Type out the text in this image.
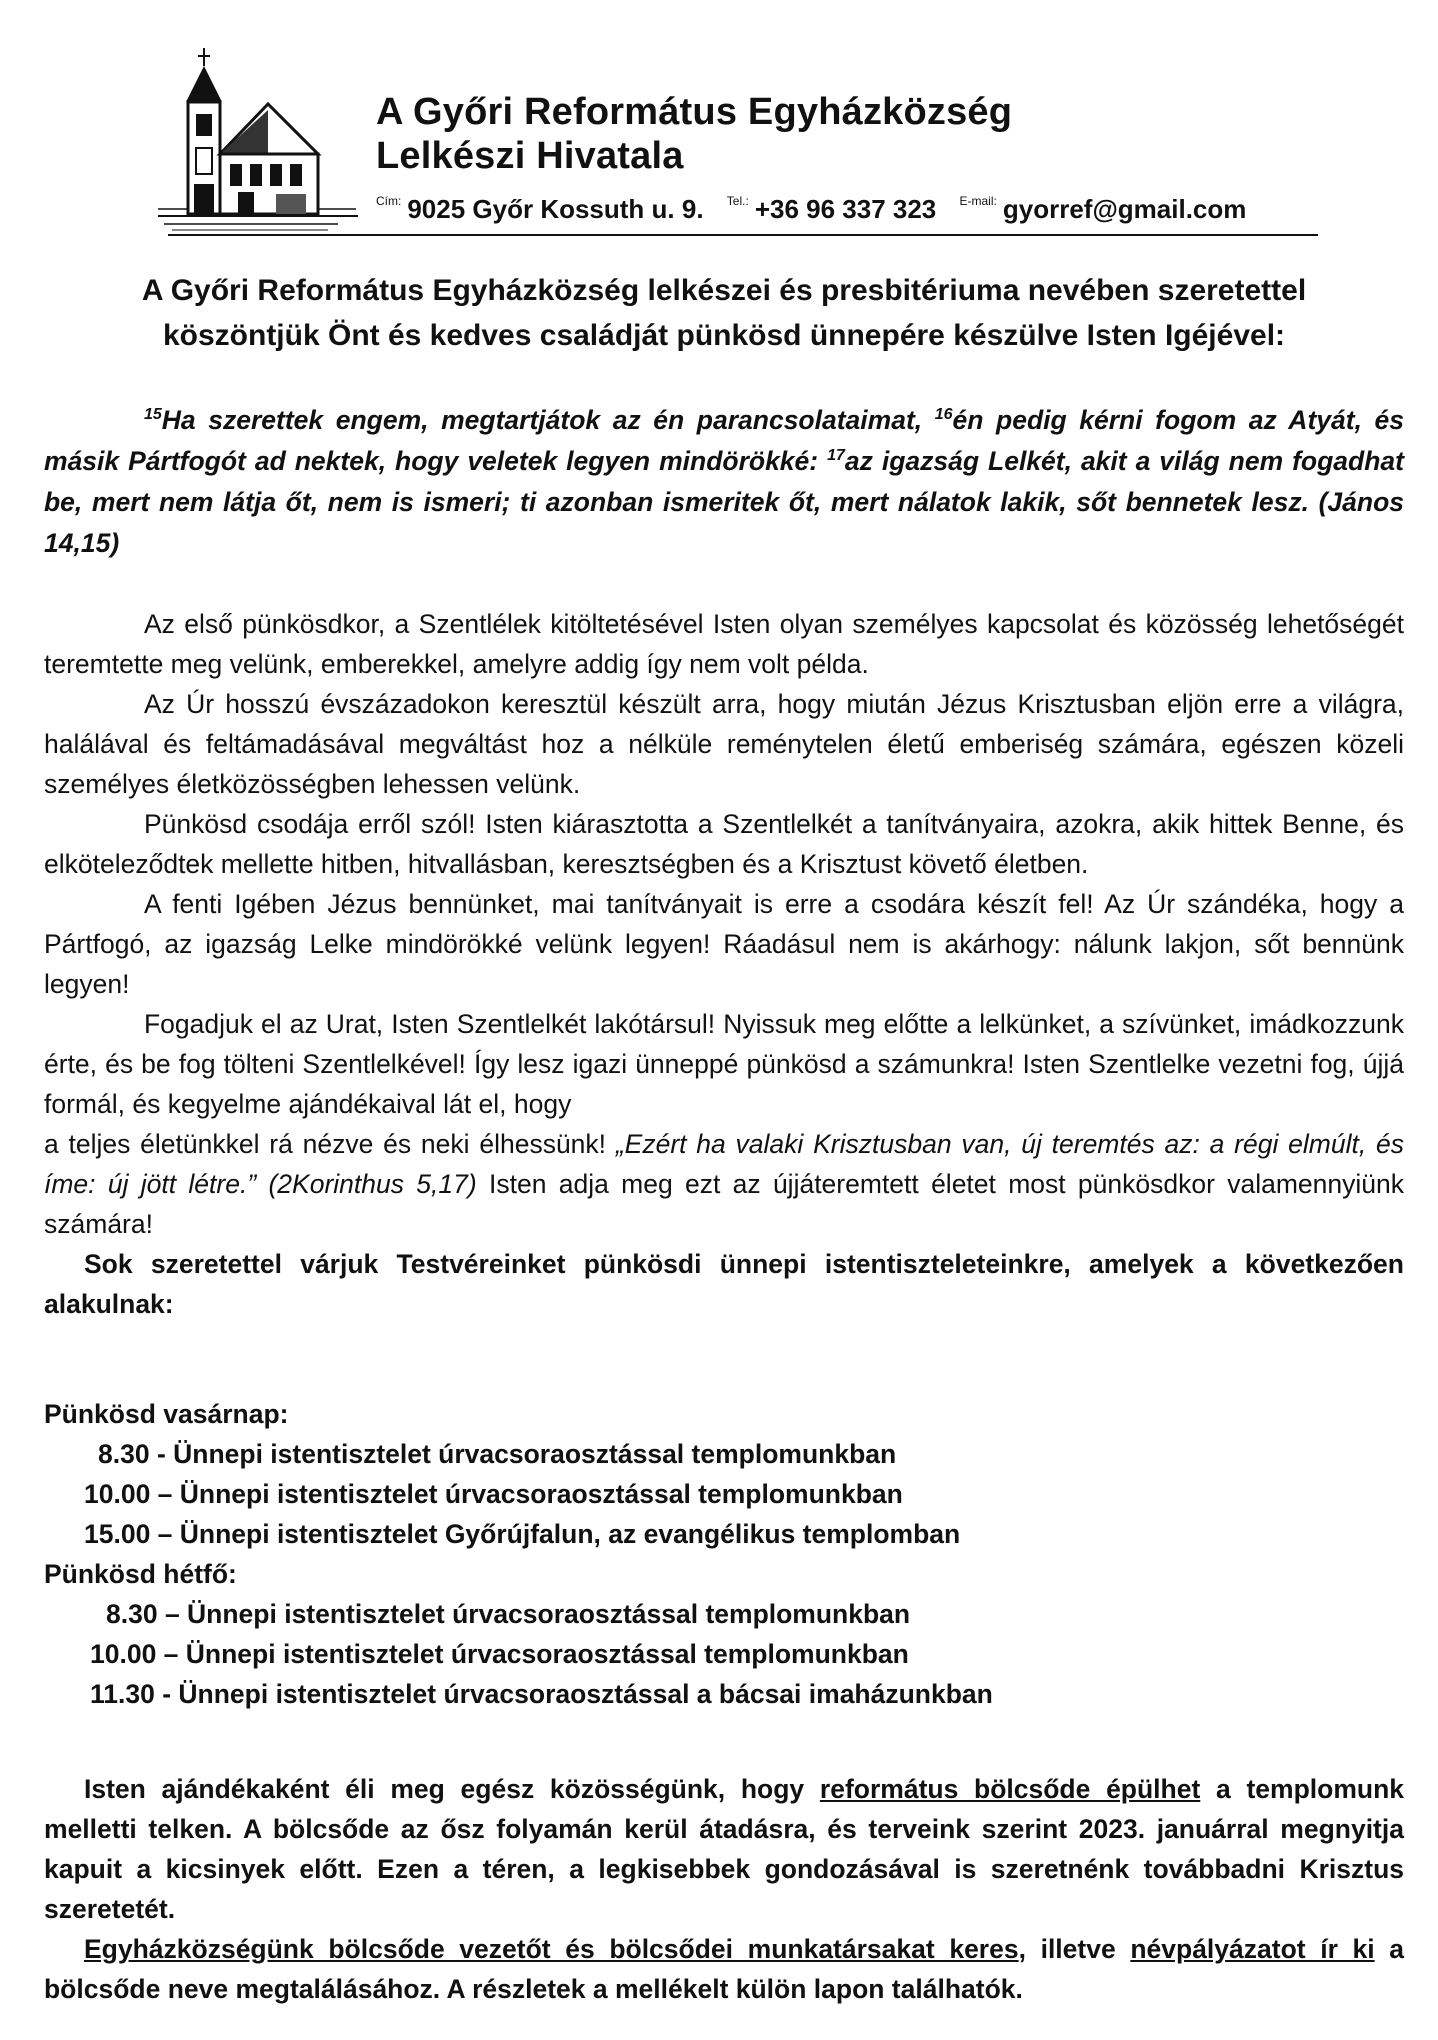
A Győri Református Egyházközség
Lelkészi Hivatala
$^{Cím:}$ 9025 Győr Kossuth u. 9. $^{Tel.:}$ +36 96 337 323 $^{E-mail:}$ gyorref@gmail.com
A Győri Református Egyházközség lelkészei és presbitériuma nevében szeretettel köszöntjük Önt és kedves családját pünkösd ünnepére készülve Isten Igéjével:

$^{15}$Ha szerettek engem, megtartjátok az én parancsolataimat, $^{16}$én pedig kérni fogom az Atyát, és másik Pártfogót ad nektek, hogy veletek legyen mindörökké: $^{17}$az igazság Lelkét, akit a világ nem fogadhat be, mert nem látja őt, nem is ismeri; ti azonban ismeritek őt, mert nálatok lakik, sőt bennetek lesz. (János 14,15)

Az első pünkösdkor, a Szentlélek kitöltetésével Isten olyan személyes kapcsolat és közösség lehetőségét teremtette meg velünk, emberekkel, amelyre addig így nem volt példa.

Az Úr hosszú évszázadokon keresztül készült arra, hogy miután Jézus Krisztusban eljön erre a világra, halálával és feltámadásával megváltást hoz a nélküle reménytelen életű emberiség számára, egészen közeli személyes életközösségben lehessen velünk.

Pünkösd csodája erről szól! Isten kiárasztotta a Szentlelkét a tanítványaira, azokra, akik hittek Benne, és elköteleződtek mellette hitben, hitvallásban, keresztségben és a Krisztust követő életben.

A fenti Igében Jézus bennünket, mai tanítványait is erre a csodára készít fel! Az Úr szándéka, hogy a Pártfogó, az igazság Lelke mindörökké velünk legyen! Ráadásul nem is akárhogy: nálunk lakjon, sőt bennünk legyen!

Fogadjuk el az Urat, Isten Szentlelkét lakótársul! Nyissuk meg előtte a lelkünket, a szívünket, imádkozzunk érte, és be fog tölteni Szentlelkével! Így lesz igazi ünneppé pünkösd a számunkra! Isten Szentlelke vezetni fog, újjá formál, és kegyelme ajándékaival lát el, hogy

a teljes életünkkel rá nézve és neki élhessünk! „Ezért ha valaki Krisztusban van, új teremtés az: a régi elmúlt, és íme: új jött létre.” (2Korinthus 5,17) Isten adja meg ezt az újjáteremtett életet most pünkösdkor valamennyiünk számára!

Sok szeretettel várjuk Testvéreinket pünkösdi ünnepi istentiszteleteinkre, amelyek a következően alakulnak:

Pünkösd vasárnap:

8.30 - Ünnepi istentisztelet úrvacsoraosztással templomunkban

10.00 – Ünnepi istentisztelet úrvacsoraosztással templomunkban

15.00 – Ünnepi istentisztelet Győrújfalun, az evangélikus templomban

Pünkösd hétfő:

8.30 – Ünnepi istentisztelet úrvacsoraosztással templomunkban

10.00 – Ünnepi istentisztelet úrvacsoraosztással templomunkban

11.30 - Ünnepi istentisztelet úrvacsoraosztással a bácsai imaházunkban

Isten ajándékaként éli meg egész közösségünk, hogy református bölcsőde épülhet a templomunk melletti telken. A bölcsőde az ősz folyamán kerül átadásra, és terveink szerint 2023. januárral megnyitja kapuit a kicsinyek előtt. Ezen a téren, a legkisebbek gondozásával is szeretnénk továbbadni Krisztus szeretetét.

Egyházközségünk bölcsőde vezetőt és bölcsődei munkatársakat keres, illetve névpályázatot ír ki a bölcsőde neve megtalálásához. A részletek a mellékelt külön lapon találhatók.
